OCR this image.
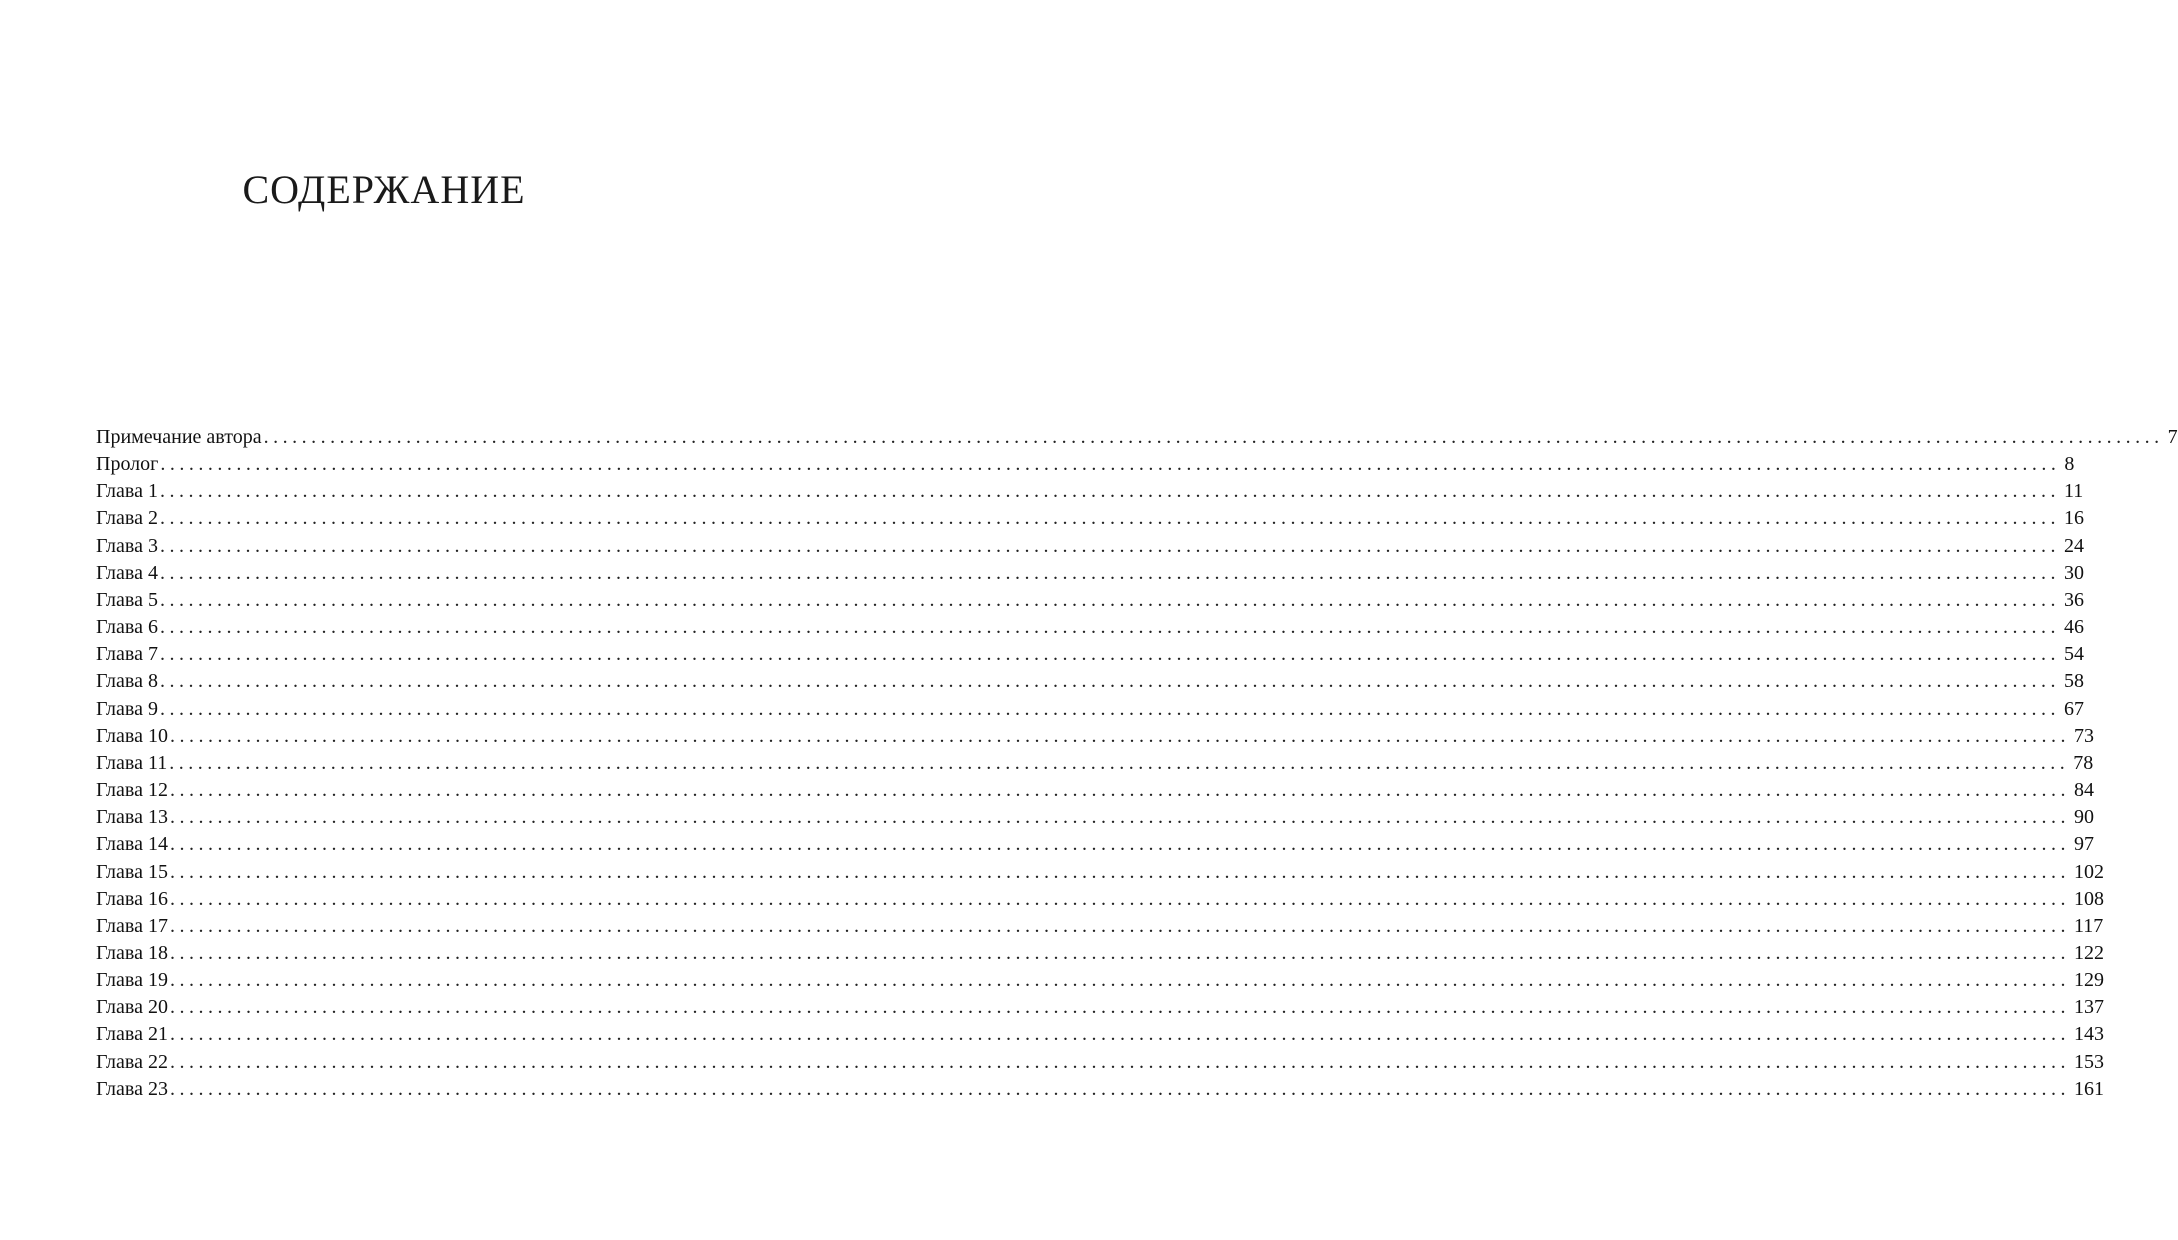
СОДЕРЖАНИЕ
Примечание автора ........................................................................................................................................................................................................ 7
Пролог ........................................................................................................................................................................................................ 8
Глава 1 ........................................................................................................................................................................................................ 11
Глава 2 ........................................................................................................................................................................................................ 16
Глава 3 ........................................................................................................................................................................................................ 24
Глава 4 ........................................................................................................................................................................................................ 30
Глава 5 ........................................................................................................................................................................................................ 36
Глава 6 ........................................................................................................................................................................................................ 46
Глава 7 ........................................................................................................................................................................................................ 54
Глава 8 ........................................................................................................................................................................................................ 58
Глава 9 ........................................................................................................................................................................................................ 67
Глава 10 ........................................................................................................................................................................................................ 73
Глава 11 ........................................................................................................................................................................................................ 78
Глава 12 ........................................................................................................................................................................................................ 84
Глава 13 ........................................................................................................................................................................................................ 90
Глава 14 ........................................................................................................................................................................................................ 97
Глава 15 ........................................................................................................................................................................................................ 102
Глава 16 ........................................................................................................................................................................................................ 108
Глава 17 ........................................................................................................................................................................................................ 117
Глава 18 ........................................................................................................................................................................................................ 122
Глава 19 ........................................................................................................................................................................................................ 129
Глава 20 ........................................................................................................................................................................................................ 137
Глава 21 ........................................................................................................................................................................................................ 143
Глава 22 ........................................................................................................................................................................................................ 153
Глава 23 ........................................................................................................................................................................................................ 161
